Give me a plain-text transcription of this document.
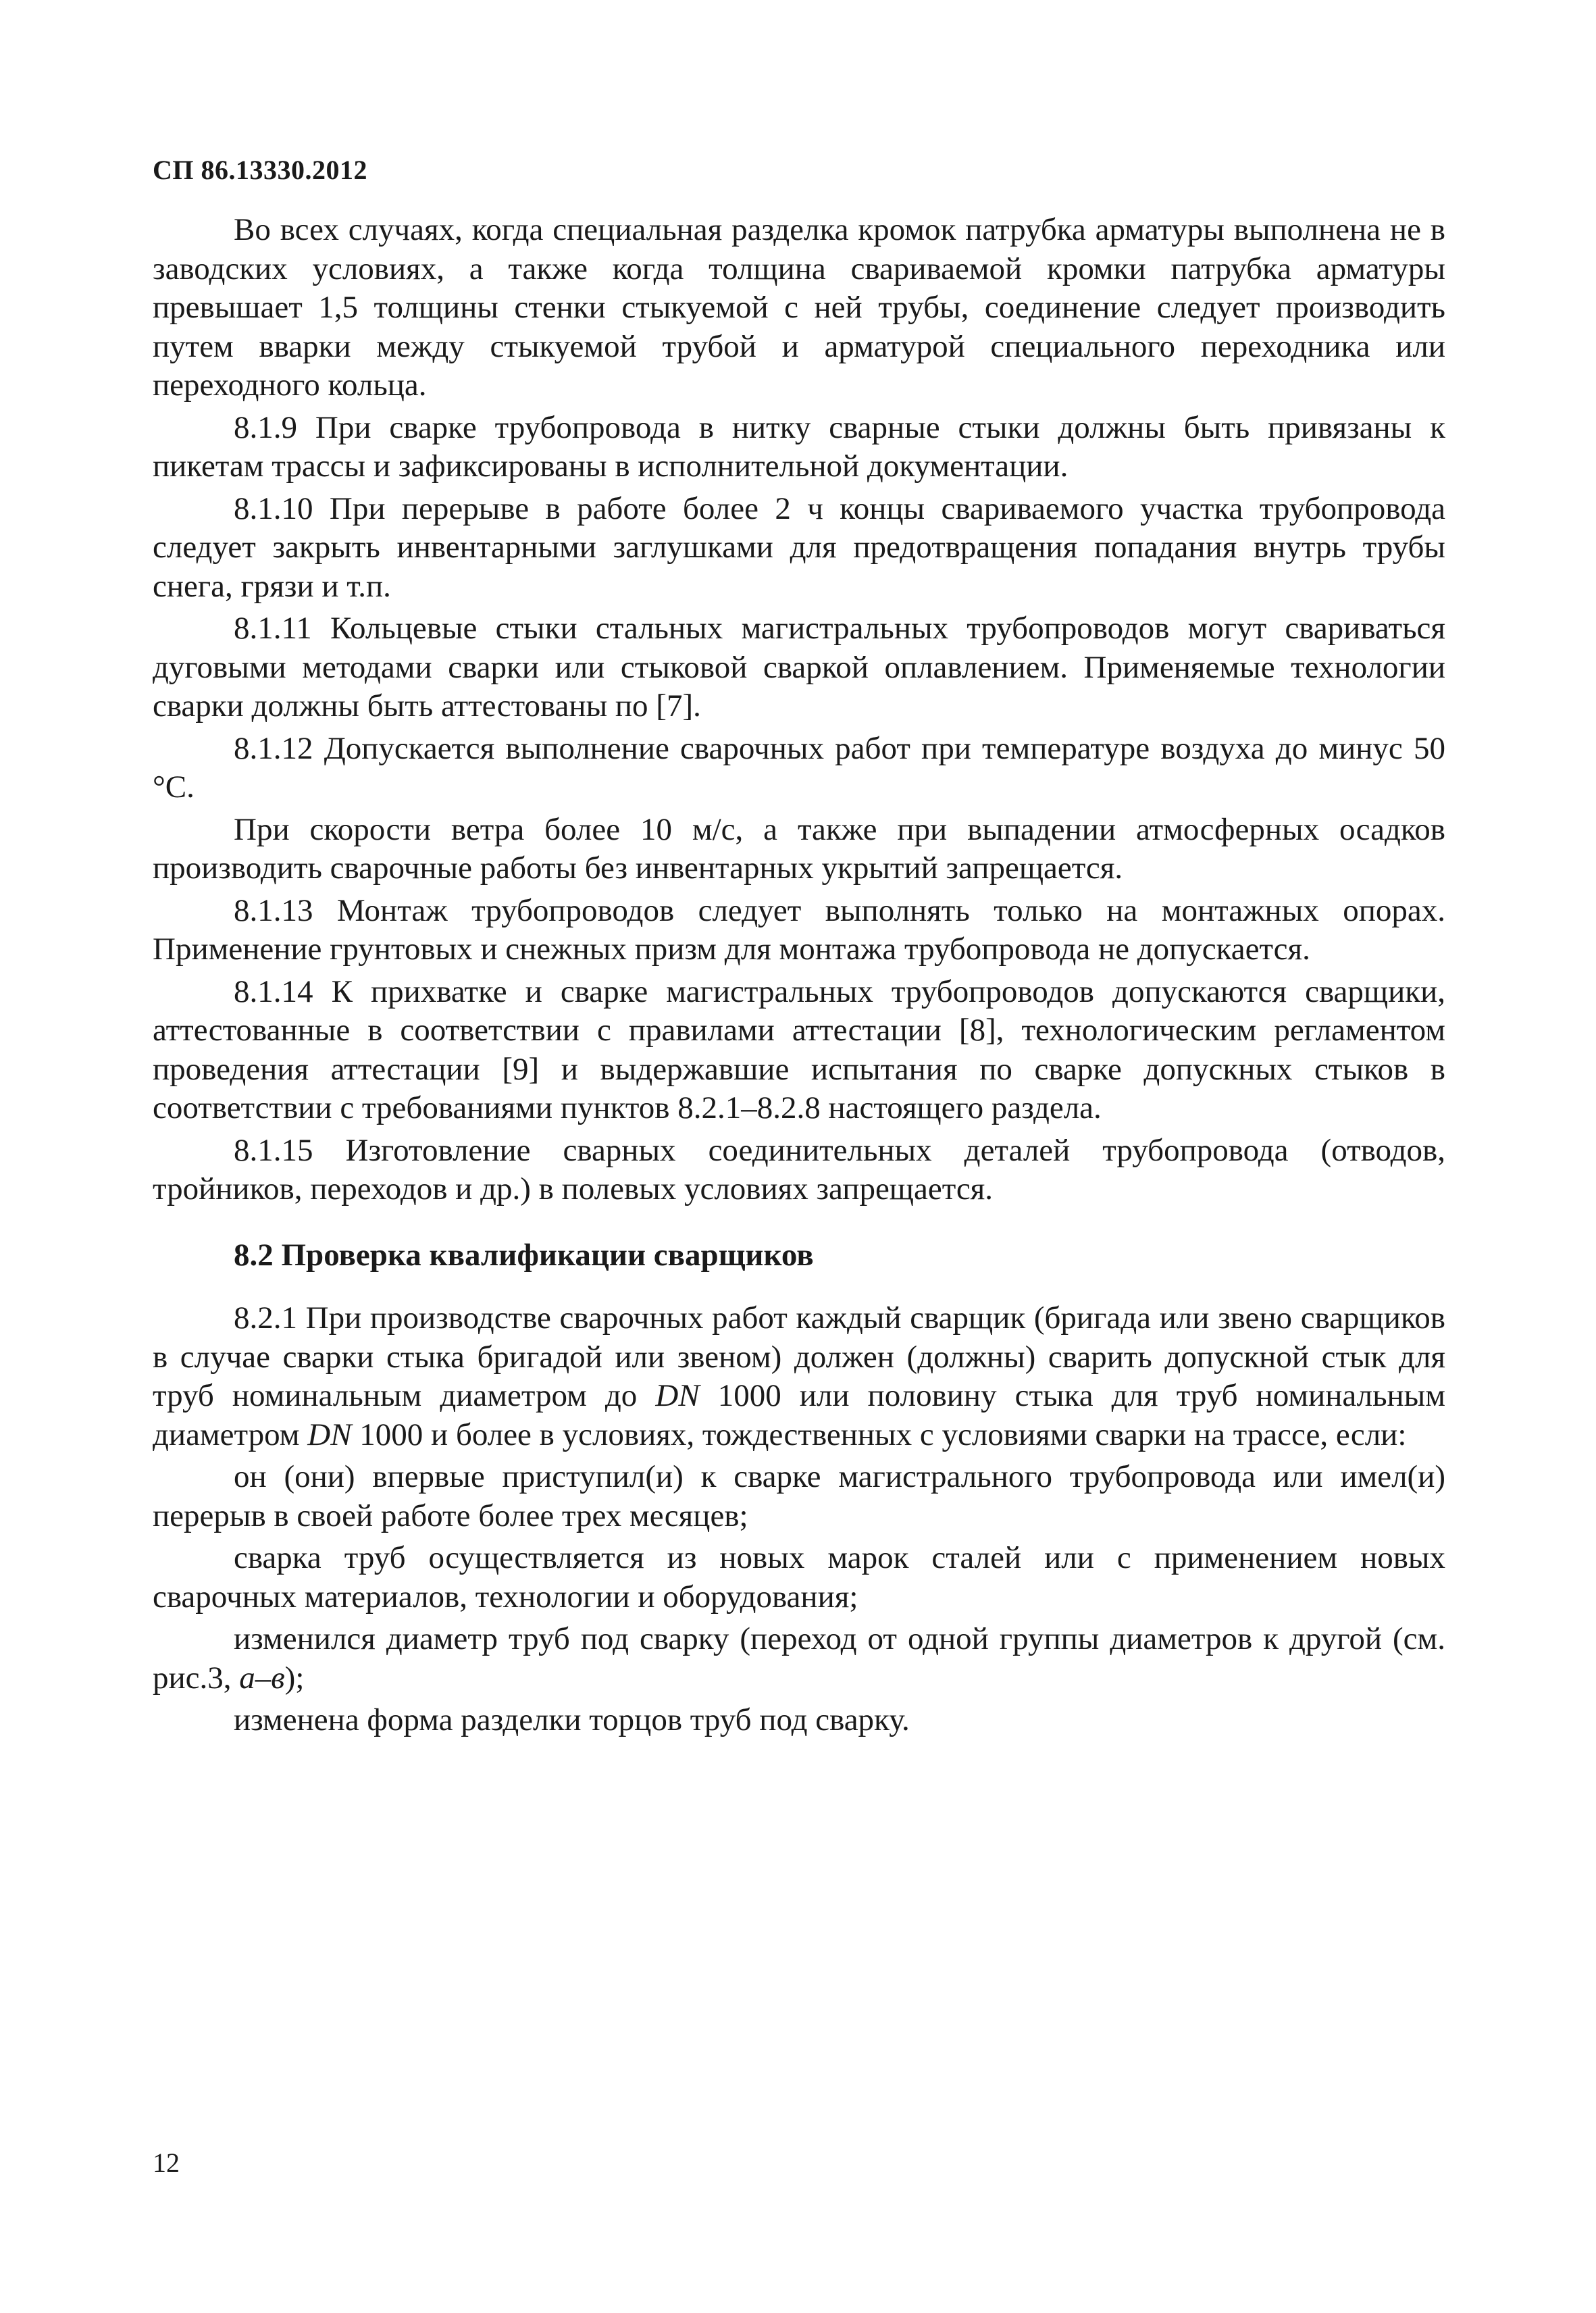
СП 86.13330.2012

Во всех случаях, когда специальная разделка кромок патрубка арматуры выполнена не в заводских условиях, а также когда толщина свариваемой кромки патрубка арматуры превышает 1,5 толщины стенки стыкуемой с ней трубы, соединение следует производить путем вварки между стыкуемой трубой и арматурой специального переходника или переходного кольца.

8.1.9 При сварке трубопровода в нитку сварные стыки должны быть привязаны к пикетам трассы и зафиксированы в исполнительной документации.

8.1.10 При перерыве в работе более 2 ч концы свариваемого участка трубопровода следует закрыть инвентарными заглушками для предотвращения попадания внутрь трубы снега, грязи и т.п.

8.1.11 Кольцевые стыки стальных магистральных трубопроводов могут свариваться дуговыми методами сварки или стыковой сваркой оплавлением. Применяемые технологии сварки должны быть аттестованы по [7].

8.1.12 Допускается выполнение сварочных работ при температуре воздуха до минус 50 °С.

При скорости ветра более 10 м/с, а также при выпадении атмосферных осадков производить сварочные работы без инвентарных укрытий запрещается.

8.1.13 Монтаж трубопроводов следует выполнять только на монтажных опорах. Применение грунтовых и снежных призм для монтажа трубопровода не допускается.

8.1.14 К прихватке и сварке магистральных трубопроводов допускаются сварщики, аттестованные в соответствии с правилами аттестации [8], технологическим регламентом проведения аттестации [9] и выдержавшие испытания по сварке допускных стыков в соответствии с требованиями пунктов 8.2.1–8.2.8 настоящего раздела.

8.1.15 Изготовление сварных соединительных деталей трубопровода (отводов, тройников, переходов и др.) в полевых условиях запрещается.

8.2 Проверка квалификации сварщиков

8.2.1 При производстве сварочных работ каждый сварщик (бригада или звено сварщиков в случае сварки стыка бригадой или звеном) должен (должны) сварить допускной стык для труб номинальным диаметром до DN 1000 или половину стыка для труб номинальным диаметром DN 1000 и более в условиях, тождественных с условиями сварки на трассе, если:

он (они) впервые приступил(и) к сварке магистрального трубопровода или имел(и) перерыв в своей работе более трех месяцев;

сварка труб осуществляется из новых марок сталей или с применением новых сварочных материалов, технологии и оборудования;

изменился диаметр труб под сварку (переход от одной группы диаметров к другой (см. рис.3, а–в);

изменена форма разделки торцов труб под сварку.

12
